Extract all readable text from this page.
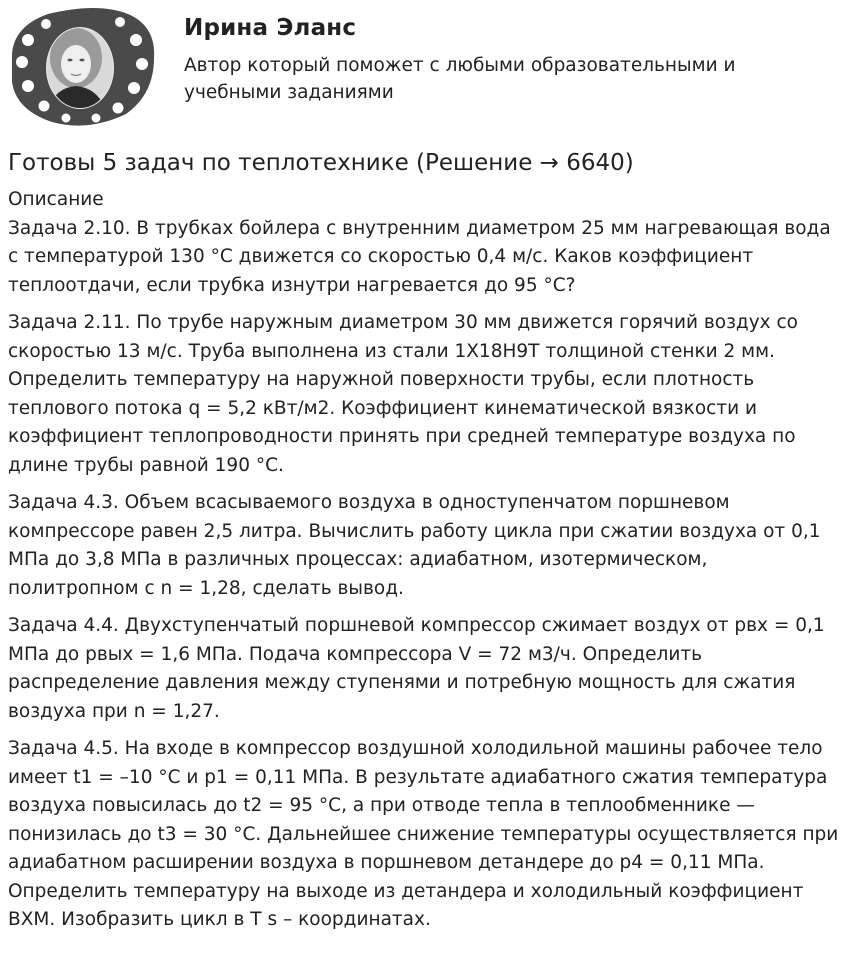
Ирина Эланс
Автор который поможет с любыми образовательными и учебными заданиями
Готовы 5 задач по теплотехнике (Решение → 6640)
Описание

Задача 2.10. В трубках бойлера с внутренним диаметром 25 мм нагревающая вода с температурой 130 °С движется со скоростью 0,4 м/с. Каков коэффициент теплоотдачи, если трубка изнутри нагревается до 95 °С?

Задача 2.11. По трубе наружным диаметром 30 мм движется горячий воздух со скоростью 13 м/с. Труба выполнена из стали 1Х18Н9Т толщиной стенки 2 мм. Определить температуру на наружной поверхности трубы, если плотность теплового потока q = 5,2 кВт/м2. Коэффициент кинематической вязкости и коэффициент теплопроводности принять при средней температуре воздуха по длине трубы равной 190 °С.

Задача 4.3. Объем всасываемого воздуха в одноступенчатом поршневом компрессоре равен 2,5 литра. Вычислить работу цикла при сжатии воздуха от 0,1 МПа до 3,8 МПа в различных процессах: адиабатном, изотермическом, политропном с n = 1,28, сделать вывод.

Задача 4.4. Двухступенчатый поршневой компрессор сжимает воздух от рвх = 0,1 МПа до рвых = 1,6 МПа. Подача компрессора V = 72 м3/ч. Определить распределение давления между ступенями и потребную мощность для сжатия воздуха при n = 1,27.

Задача 4.5. На входе в компрессор воздушной холодильной машины рабочее тело имеет t1 = –10 °С и p1 = 0,11 МПа. В результате адиабатного сжатия температура воздуха повысилась до t2 = 95 °С, а при отводе тепла в теплообменнике — понизилась до t3 = 30 °С. Дальнейшее снижение температуры осуществляется при адиабатном расширении воздуха в поршневом детандере до р4 = 0,11 МПа. Определить температуру на выходе из детандера и холодильный коэффициент ВХМ. Изобразить цикл в T s – координатах.
